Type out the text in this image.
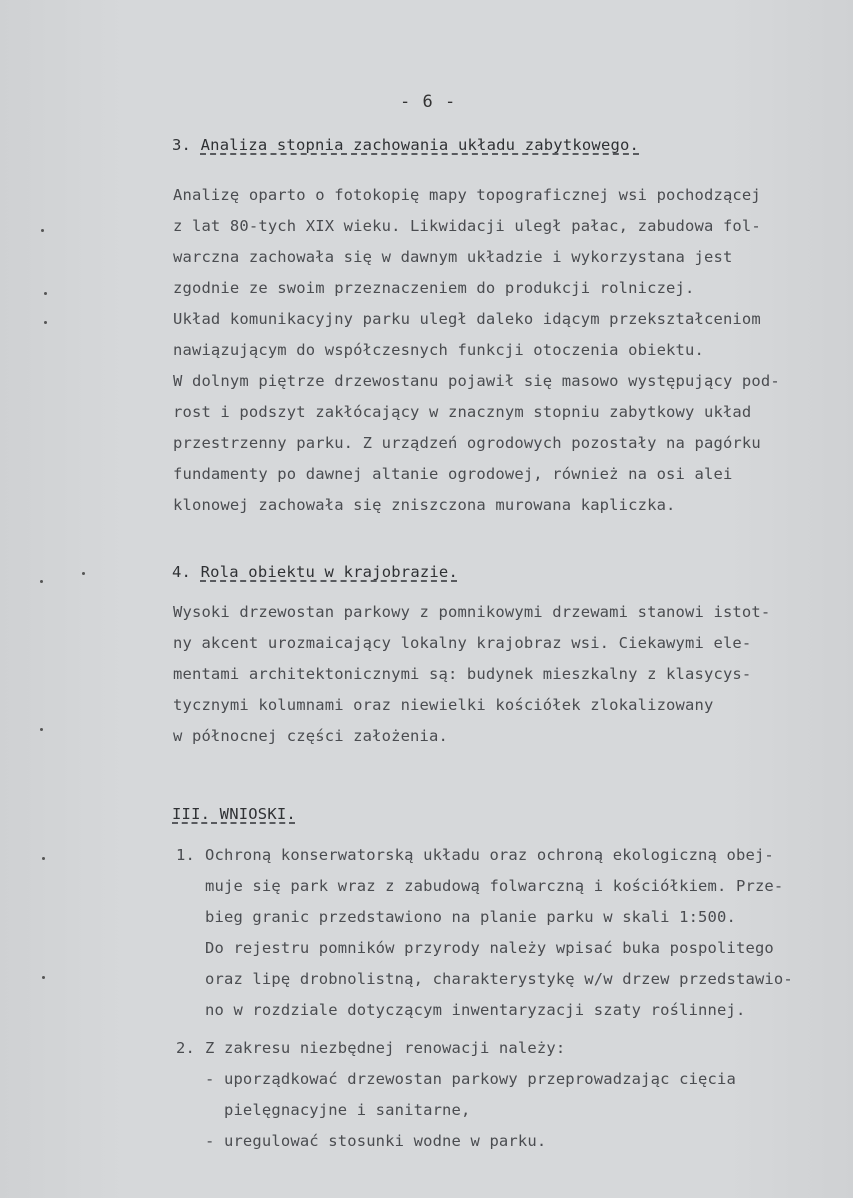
- 6 -
3. Analiza stopnia zachowania układu zabytkowego.
Analizę oparto o fotokopię mapy topograficznej wsi pochodzącej
z lat 80-tych XIX wieku. Likwidacji uległ pałac, zabudowa fol-
warczna zachowała się w dawnym układzie i wykorzystana jest
zgodnie ze swoim przeznaczeniem do produkcji rolniczej.
Układ komunikacyjny parku uległ daleko idącym przekształceniom
nawiązującym do współczesnych funkcji otoczenia obiektu.
W dolnym piętrze drzewostanu pojawił się masowo występujący pod-
rost i podszyt zakłócający w znacznym stopniu zabytkowy układ
przestrzenny parku. Z urządzeń ogrodowych pozostały na pagórku
fundamenty po dawnej altanie ogrodowej, również na osi alei
klonowej zachowała się zniszczona murowana kapliczka.
4. Rola obiektu w krajobrazie.
Wysoki drzewostan parkowy z pomnikowymi drzewami stanowi istot-
ny akcent urozmaicający lokalny krajobraz wsi. Ciekawymi ele-
mentami architektonicznymi są: budynek mieszkalny z klasycys-
tycznymi kolumnami oraz niewielki kościółek zlokalizowany
w północnej części założenia.
III. WNIOSKI.
1. Ochroną konserwatorską układu oraz ochroną ekologiczną obej-
muje się park wraz z zabudową folwarczną i kościółkiem. Prze-
bieg granic przedstawiono na planie parku w skali 1:500.
Do rejestru pomników przyrody należy wpisać buka pospolitego
oraz lipę drobnolistną, charakterystykę w/w drzew przedstawio-
no w rozdziale dotyczącym inwentaryzacji szaty roślinnej.
2. Z zakresu niezbędnej renowacji należy:
- uporządkować drzewostan parkowy przeprowadzając cięcia
pielęgnacyjne i sanitarne,
- uregulować stosunki wodne w parku.
